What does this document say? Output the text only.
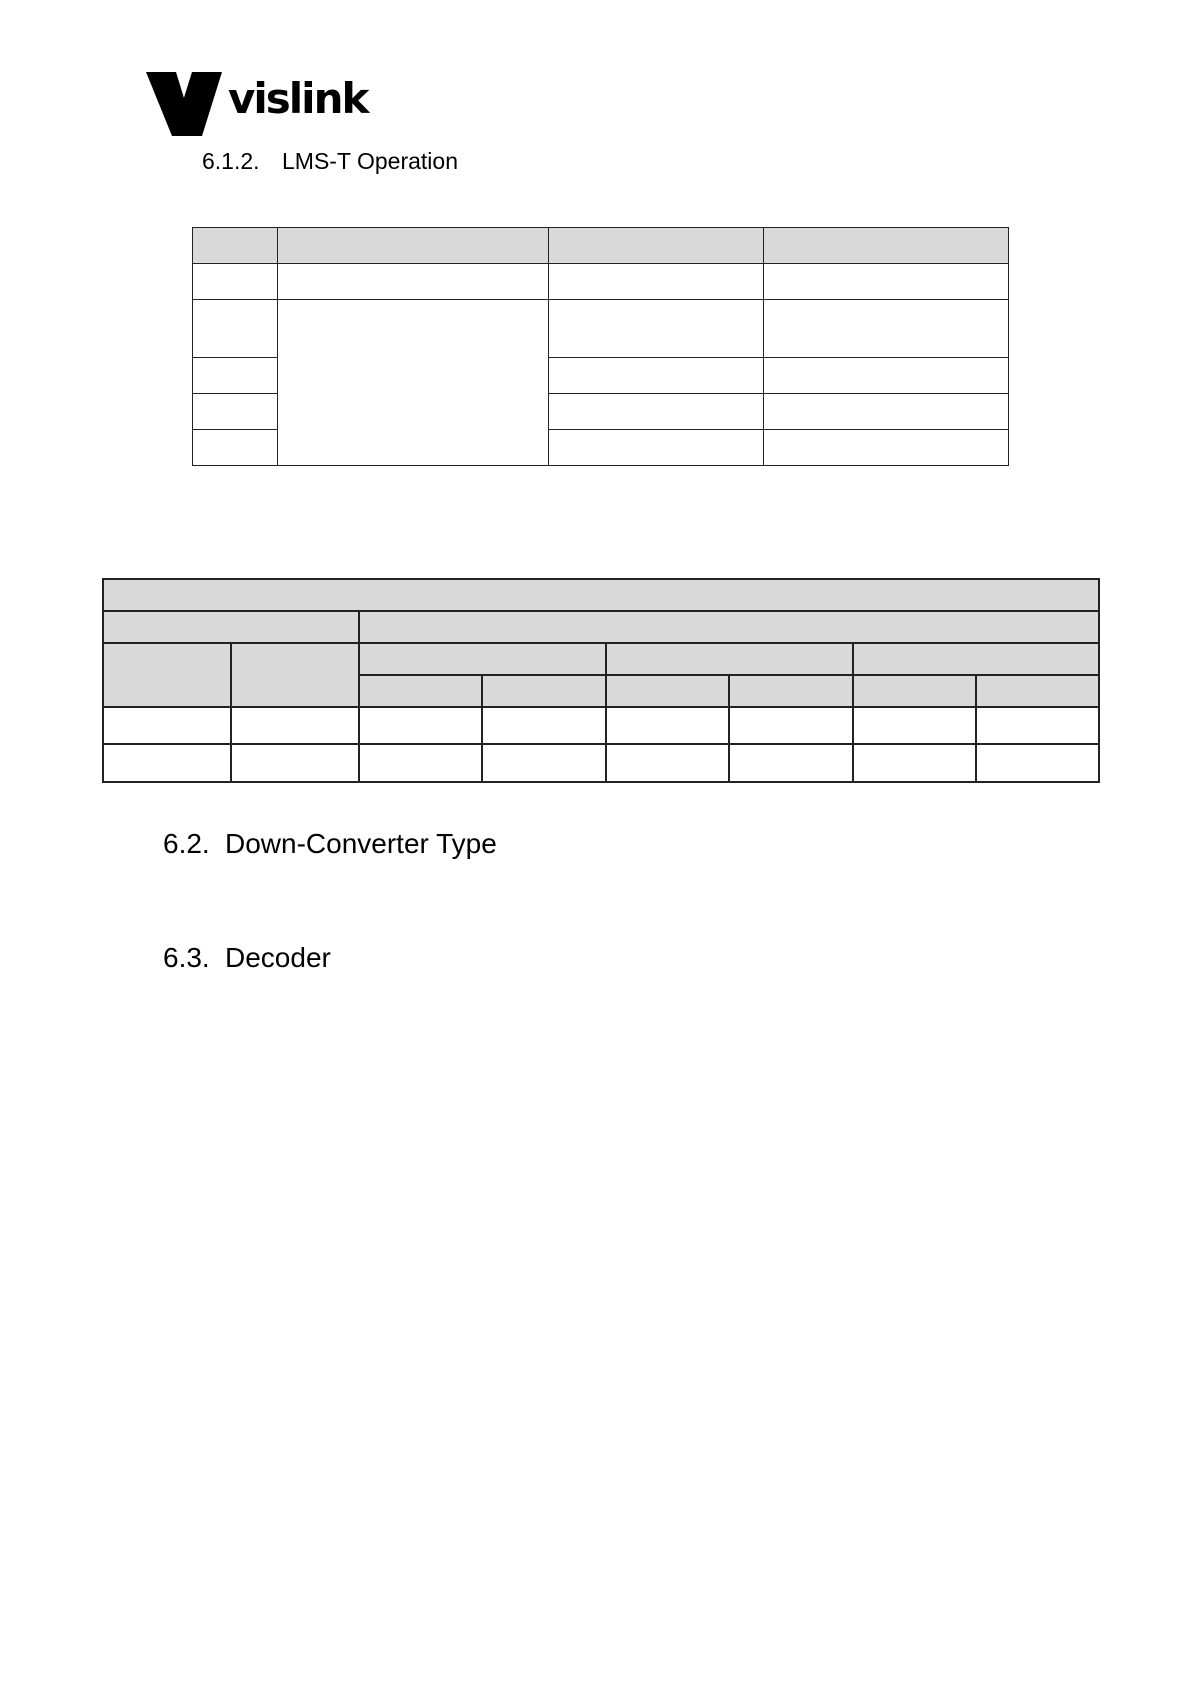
vislink
6.1.2. LMS-T Operation

6.2. Down-Converter Type
6.3. Decoder
